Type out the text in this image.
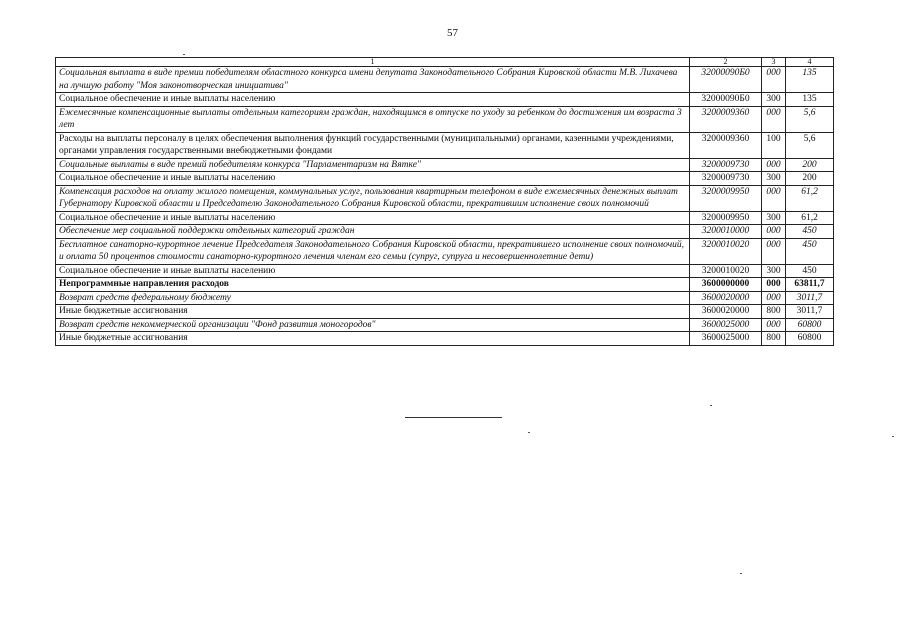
57
1	2	3	4
Социальная выплата в виде премии победителям областного конкурса имени депутата Законодательного Собрания Кировской области М.В. Лихачева на лучшую работу "Моя законотворческая инициатива"	32000090Б0	000	135
Социальное обеспечение и иные выплаты населению	32000090Б0	300	135
Ежемесячные компенсационные выплаты отдельным категориям граждан, находящимся в отпуске по уходу за ребенком до достижения им возраста 3 лет	3200009360	000	5,6
Расходы на выплаты персоналу в целях обеспечения выполнения функций государственными (муниципальными) органами, казенными учреждениями, органами управления государственными внебюджетными фондами	3200009360	100	5,6
Социальные выплаты в виде премий победителям конкурса "Парламентаризм на Вятке"	3200009730	000	200
Социальное обеспечение и иные выплаты населению	3200009730	300	200
Компенсация расходов на оплату жилого помещения, коммунальных услуг, пользования квартирным телефоном в виде ежемесячных денежных выплат Губернатору Кировской области и Председателю Законодательного Собрания Кировской области, прекратившим исполнение своих полномочий	3200009950	000	61,2
Социальное обеспечение и иные выплаты населению	3200009950	300	61,2
Обеспечение мер социальной поддержки отдельных категорий граждан	3200010000	000	450
Бесплатное санаторно-курортное лечение Председателя Законодательного Собрания Кировской области, прекратившего исполнение своих полномочий, и оплата 50 процентов стоимости санаторно-курортного лечения членам его семьи (супруг, супруга и несовершеннолетние дети)	3200010020	000	450
Социальное обеспечение и иные выплаты населению	3200010020	300	450
Непрограммные направления расходов	3600000000	000	63811,7
Возврат средств федеральному бюджету	3600020000	000	3011,7
Иные бюджетные ассигнования	3600020000	800	3011,7
Возврат средств некоммерческой организации "Фонд развития моногородов"	3600025000	000	60800
Иные бюджетные ассигнования	3600025000	800	60800
